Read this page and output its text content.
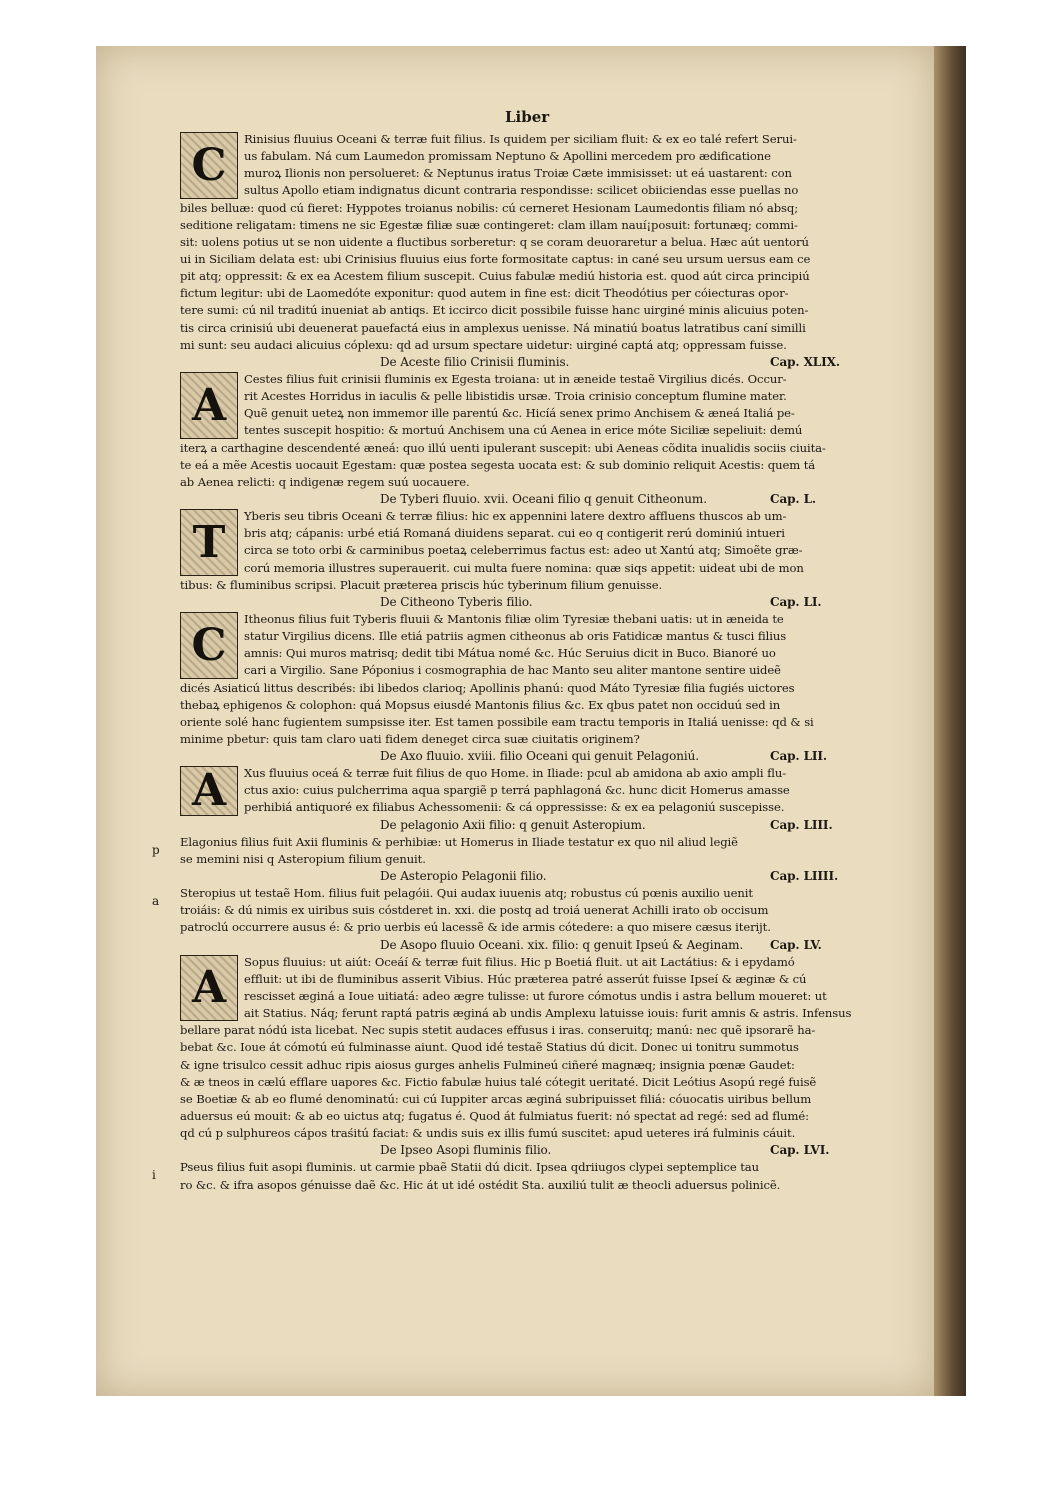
Liber
C
Rinisius fluuius Oceani & terræ fuit filius. Is quidem per siciliam fluit: & ex eo talé refert Serui-
us fabulam. Ná cum Laumedon promissam Neptuno & Apollini mercedem pro ædificatione
muroꝝ Ilionis non persolueret: & Neptunus iratus Troiæ Cæte immisisset: ut eá uastarent: con
sultus Apollo etiam indignatus dicunt contraria respondisse: scilicet obiiciendas esse puellas no
biles belluæ: quod cú fieret: Hyppotes troianus nobilis: cú cerneret Hesionam Laumedontis filiam nó absq;
seditione religatam: timens ne sic Egestæ filiæ suæ contingeret: clam illam nauí¡posuit: fortunæq; commi-
sit: uolens potius ut se non uidente a fluctibus sorberetur: q se coram deuoraretur a belua. Hæc aút uentorú
ui in Siciliam delata est: ubi Crinisius fluuius eius forte formositate captus: in cané seu ursum uersus eam ce
pit atq; oppressit: & ex ea Acestem filium suscepit. Cuius fabulæ mediú historia est. quod aút circa principiú
fictum legitur: ubi de Laomedóte exponitur: quod autem in fine est: dicit Theodótius per cóiecturas opor-
tere sumi: cú nil traditú inueniat ab antiqs. Et iccirco dicit possibile fuisse hanc uirginé minis alicuius poten-
tis circa crinisiú ubi deuenerat pauefactá eius in amplexus uenisse. Ná minatiú boatus latratibus caní similli
mi sunt: seu audaci alicuius cóplexu: qd ad ursum spectare uidetur: uirginé captá atq; oppressam fuisse.
De Aceste filio Crinisii fluminis.	Cap. XLIX.
A
Cestes filius fuit crinisii fluminis ex Egesta troiana: ut in æneide testaẽ Virgilius dicés. Occur-
rit Acestes Horridus in iaculis & pelle libistidis ursæ. Troia crinisio conceptum flumine mater.
Quẽ genuit ueteꝝ non immemor ille parentú &c. Hicíá senex primo Anchisem & æneá Italiá pe-
tentes suscepit hospitio: & mortuú Anchisem una cú Aenea in erice móte Siciliæ sepeliuit: demú
iterꝝ a carthagine descendenté æneá: quo illú uenti ipulerant suscepit: ubi Aeneas cõdita inualidis sociis ciuita-
te eá a mẽe Acestis uocauit Egestam: quæ postea segesta uocata est: & sub dominio reliquit Acestis: quem tá
ab Aenea relicti: q indigenæ regem suú uocauere.
De Tyberi fluuio. xvii. Oceani filio q genuit Citheonum.	Cap. L.
T
Yberis seu tibris Oceani & terræ filius: hic ex appennini latere dextro affluens thuscos ab um-
bris atq; cápanis: urbé etiá Romaná diuidens separat. cui eo q contigerit rerú dominiú intueri
circa se toto orbi & carminibus poetaꝝ celeberrimus factus est: adeo ut Xantú atq; Simoẽte græ-
corú memoria illustres superauerit. cui multa fuere nomina: quæ siqs appetit: uideat ubi de mon
tibus: & fluminibus scripsi. Placuit præterea priscis húc tyberinum filium genuisse.
De Citheono Tyberis filio.	Cap. LI.
C
Itheonus filius fuit Tyberis fluuii & Mantonis filiæ olim Tyresiæ thebani uatis: ut in æneida te
statur Virgilius dicens. Ille etiá patriis agmen citheonus ab oris Fatidicæ mantus & tusci filius
amnis: Qui muros matrisq; dedit tibi Mátua nomé &c. Húc Seruius dicit in Buco. Bianoré uo
cari a Virgilio. Sane Póponius i cosmographia de hac Manto seu aliter mantone sentire uideẽ
dicés Asiaticú littus describés: ibi libedos clarioq; Apollinis phanú: quod Máto Tyresiæ filia fugiés uictores
thebaꝝ ephigenos & colophon: quá Mopsus eiusdé Mantonis filius &c. Ex qbus patet non occiduú sed in
oriente solé hanc fugientem sumpsisse iter. Est tamen possibile eam tractu temporis in Italiá uenisse: qd & si
minime pbetur: quis tam claro uati fidem deneget circa suæ ciuitatis originem?
De Axo fluuio. xviii. filio Oceani qui genuit Pelagoniú.	Cap. LII.
A	Xus fluuius oceá & terræ fuit filius de quo Home. in Iliade: pcul ab amidona ab axio ampli flu-
ctus axio: cuius pulcherrima aqua spargiẽ p terrá paphlagoná &c. hunc dicit Homerus amasse
perhibiá antiquoré ex filiabus Achessomenii: & cá oppressisse: & ex ea pelagoniú suscepisse.
De pelagonio Axii filio: q genuit Asteropium.	Cap. LIII.
p
Elagonius filius fuit Axii fluminis & perhibiæ: ut Homerus in Iliade testatur ex quo nil aliud legiẽ
se memini nisi q Asteropium filium genuit.
De Asteropio Pelagonii filio.	Cap. LIIII.
a
Steropius ut testaẽ Hom. filius fuit pelagóii. Qui audax iuuenis atq; robustus cú pœnis auxilio uenit
troiáis: & dú nimis ex uiribus suis cóstderet in. xxi. die postq ad troiá uenerat Achilli irato ob occisum
patroclú occurrere ausus é: & prio uerbis eú lacessẽ & ide armis cótedere: a quo misere cæsus iterijt.
De Asopo fluuio Oceani. xix. filio: q genuit Ipseú & Aeginam. Cap. LV.
A
Sopus fluuius: ut aiút: Oceáí & terræ fuit filius. Hic p Boetiá fluit. ut ait Lactátius: & i epydamó
effluit: ut ibi de fluminibus asserit Vibius. Húc præterea patré asserút fuisse Ipseí & æginæ & cú
rescisset æginá a Ioue uitiatá: adeo ægre tulisse: ut furore cómotus undis i astra bellum moueret: ut
ait Statius. Náq; ferunt raptá patris æginá ab undis Amplexu latuisse iouis: furit amnis & astris. Infensus
bellare parat nódú ista licebat. Nec supis stetit audaces effusus i iras. conseruitq; manú: nec quẽ ipsorarẽ ha-
bebat &c. Ioue át cómotú eú fulminasse aiunt. Quod idé testaẽ Statius dú dicit. Donec ui tonitru summotus
& igne trisulco cessit adhuc ripis aiosus gurges anhelis Fulmineú ciñeré magnæq; insignia pœnæ Gaudet:
& æ tneos in cælú efflare uapores &c. Fictio fabulæ huius talé cótegit ueritaté. Dicit Leótius Asopú regé fuisẽ
se Boetiæ & ab eo flumé denominatú: cui cú Iuppiter arcas æginá subripuisset filiá: cóuocatis uiribus bellum
aduersus eú mouit: & ab eo uictus atq; fugatus é. Quod át fulmiatus fuerit: nó spectat ad regé: sed ad flumé:
qd cú p sulphureos cápos traśitú faciat: & undis suis ex illis fumú suscitet: apud ueteres irá fulminis cáuit.
De Ipseo Asopi fluminis filio.	Cap. LVI.
i
Pseus filius fuit asopi fluminis. ut carmie pbaẽ Statii dú dicit. Ipsea qdriiugos clypei septemplice tau
ro &c. & ifra asopos génuisse daẽ &c. Hic át ut idé ostédit Sta. auxiliú tulit æ theocli aduersus polinicẽ.
